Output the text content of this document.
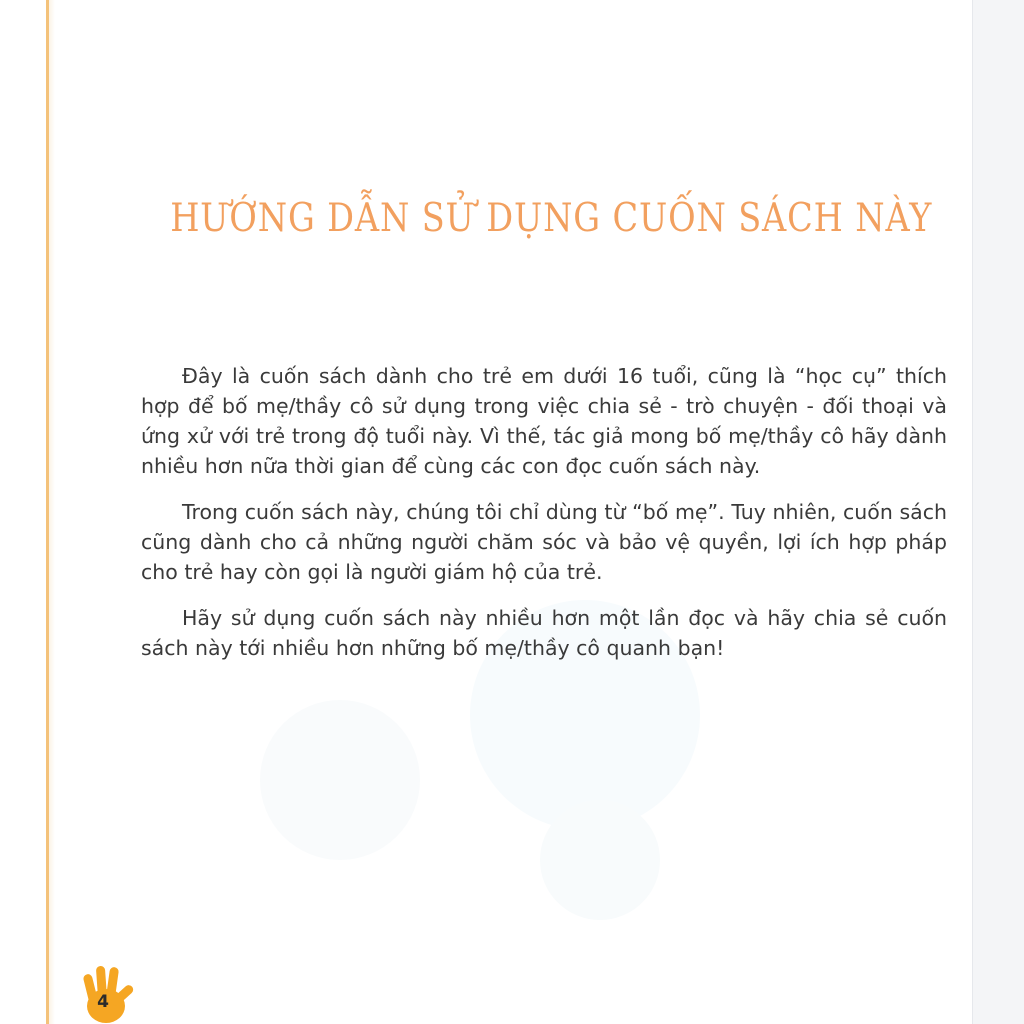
HƯỚNG DẪN SỬ DỤNG CUỐN SÁCH NÀY

Đây là cuốn sách dành cho trẻ em dưới 16 tuổi, cũng là “học cụ” thích hợp để bố mẹ/thầy cô sử dụng trong việc chia sẻ - trò chuyện - đối thoại và ứng xử với trẻ trong độ tuổi này. Vì thế, tác giả mong bố mẹ/thầy cô hãy dành nhiều hơn nữa thời gian để cùng các con đọc cuốn sách này.

Trong cuốn sách này, chúng tôi chỉ dùng từ “bố mẹ”. Tuy nhiên, cuốn sách cũng dành cho cả những người chăm sóc và bảo vệ quyền, lợi ích hợp pháp cho trẻ hay còn gọi là người giám hộ của trẻ.

Hãy sử dụng cuốn sách này nhiều hơn một lần đọc và hãy chia sẻ cuốn sách này tới nhiều hơn những bố mẹ/thầy cô quanh bạn!

4
